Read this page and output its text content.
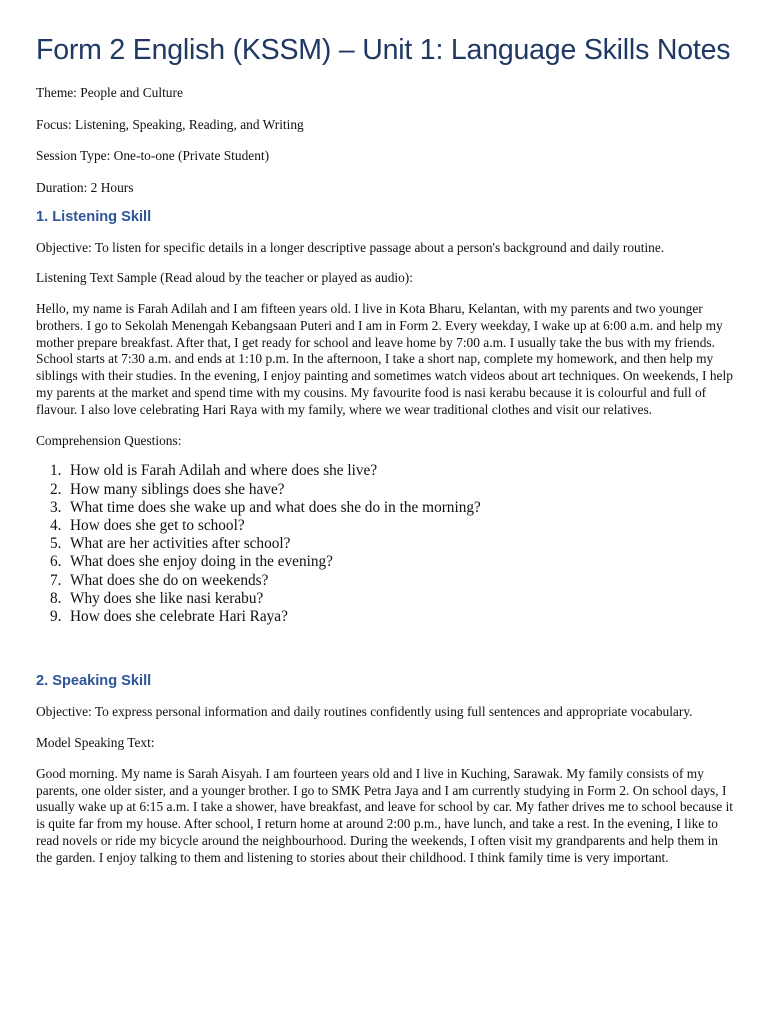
Form 2 English (KSSM) – Unit 1: Language Skills Notes

Theme: People and Culture

Focus: Listening, Speaking, Reading, and Writing

Session Type: One-to-one (Private Student)

Duration: 2 Hours

1. Listening Skill

Objective: To listen for specific details in a longer descriptive passage about a person's background and daily routine.

Listening Text Sample (Read aloud by the teacher or played as audio):

Hello, my name is Farah Adilah and I am fifteen years old. I live in Kota Bharu, Kelantan, with my parents and two younger brothers. I go to Sekolah Menengah Kebangsaan Puteri and I am in Form 2. Every weekday, I wake up at 6:00 a.m. and help my mother prepare breakfast. After that, I get ready for school and leave home by 7:00 a.m. I usually take the bus with my friends. School starts at 7:30 a.m. and ends at 1:10 p.m. In the afternoon, I take a short nap, complete my homework, and then help my siblings with their studies. In the evening, I enjoy painting and sometimes watch videos about art techniques. On weekends, I help my parents at the market and spend time with my cousins. My favourite food is nasi kerabu because it is colourful and full of flavour. I also love celebrating Hari Raya with my family, where we wear traditional clothes and visit our relatives.

Comprehension Questions:

1. How old is Farah Adilah and where does she live?
2. How many siblings does she have?
3. What time does she wake up and what does she do in the morning?
4. How does she get to school?
5. What are her activities after school?
6. What does she enjoy doing in the evening?
7. What does she do on weekends?
8. Why does she like nasi kerabu?
9. How does she celebrate Hari Raya?
2. Speaking Skill

Objective: To express personal information and daily routines confidently using full sentences and appropriate vocabulary.

Model Speaking Text:

Good morning. My name is Sarah Aisyah. I am fourteen years old and I live in Kuching, Sarawak. My family consists of my parents, one older sister, and a younger brother. I go to SMK Petra Jaya and I am currently studying in Form 2. On school days, I usually wake up at 6:15 a.m. I take a shower, have breakfast, and leave for school by car. My father drives me to school because it is quite far from my house. After school, I return home at around 2:00 p.m., have lunch, and take a rest. In the evening, I like to read novels or ride my bicycle around the neighbourhood. During the weekends, I often visit my grandparents and help them in the garden. I enjoy talking to them and listening to stories about their childhood. I think family time is very important.
